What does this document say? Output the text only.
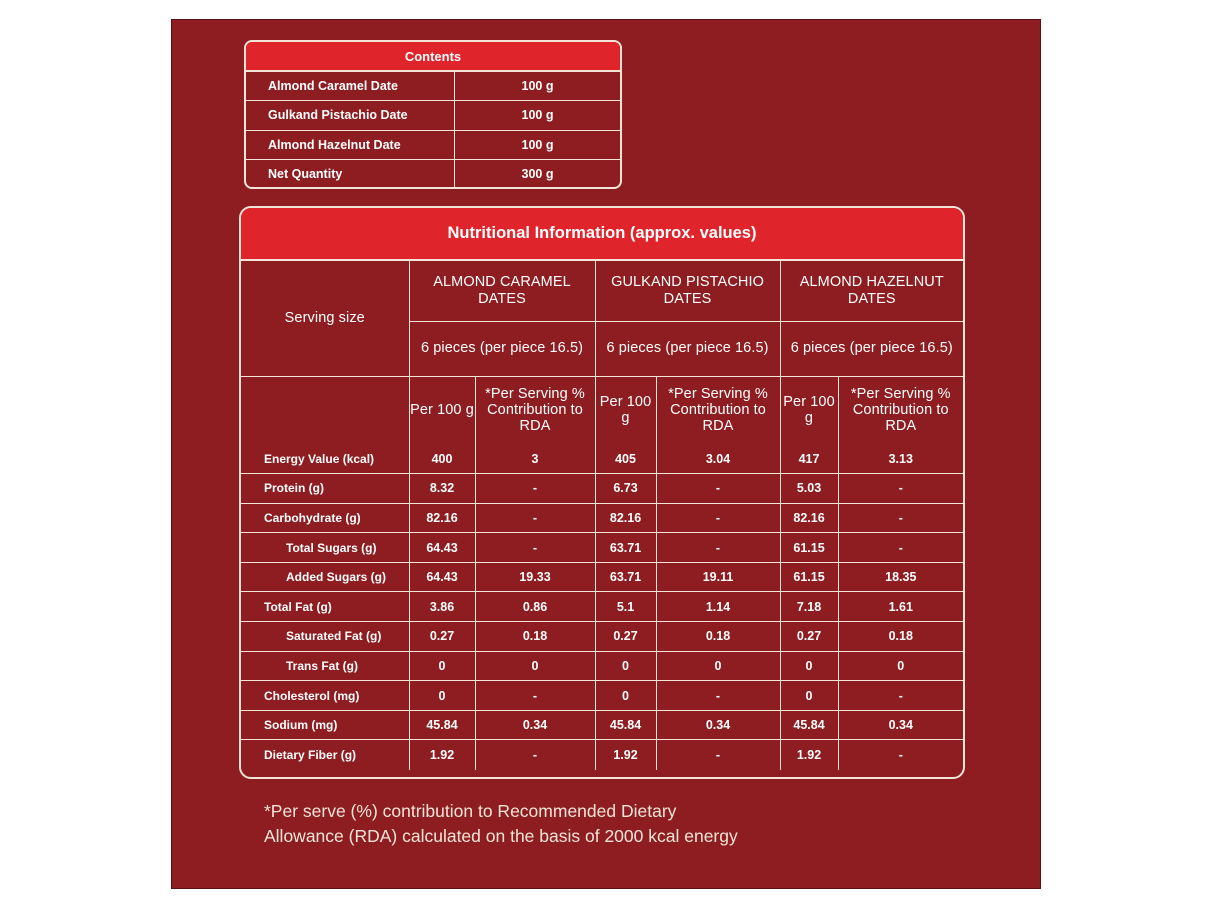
Contents
Almond Caramel Date	100 g
Gulkand Pistachio Date	100 g
Almond Hazelnut Date	100 g
Net Quantity	300 g
Nutritional Information (approx. values)
Serving size	ALMOND CARAMEL DATES		GULKAND PISTACHIO DATES		ALMOND HAZELNUT DATES	
	6 pieces (per piece 16.5)		6 pieces (per piece 16.5)		6 pieces (per piece 16.5)	
	Per 100 g	*Per Serving % Contribution to RDA	Per 100 g	*Per Serving % Contribution to RDA	Per 100 g	*Per Serving % Contribution to RDA
Energy Value (kcal)	400	3	405	3.04	417	3.13
Protein (g)	8.32	-	6.73	-	5.03	-
Carbohydrate (g)	82.16	-	82.16	-	82.16	-
Total Sugars (g)	64.43	-	63.71	-	61.15	-
Added Sugars (g)	64.43	19.33	63.71	19.11	61.15	18.35
Total Fat (g)	3.86	0.86	5.1	1.14	7.18	1.61
Saturated Fat (g)	0.27	0.18	0.27	0.18	0.27	0.18
Trans Fat (g)	0	0	0	0	0	0
Cholesterol (mg)	0	-	0	-	0	-
Sodium (mg)	45.84	0.34	45.84	0.34	45.84	0.34
Dietary Fiber (g)	1.92	-	1.92	-	1.92	-
*Per serve (%) contribution to Recommended Dietary
Allowance (RDA) calculated on the basis of 2000 kcal energy
